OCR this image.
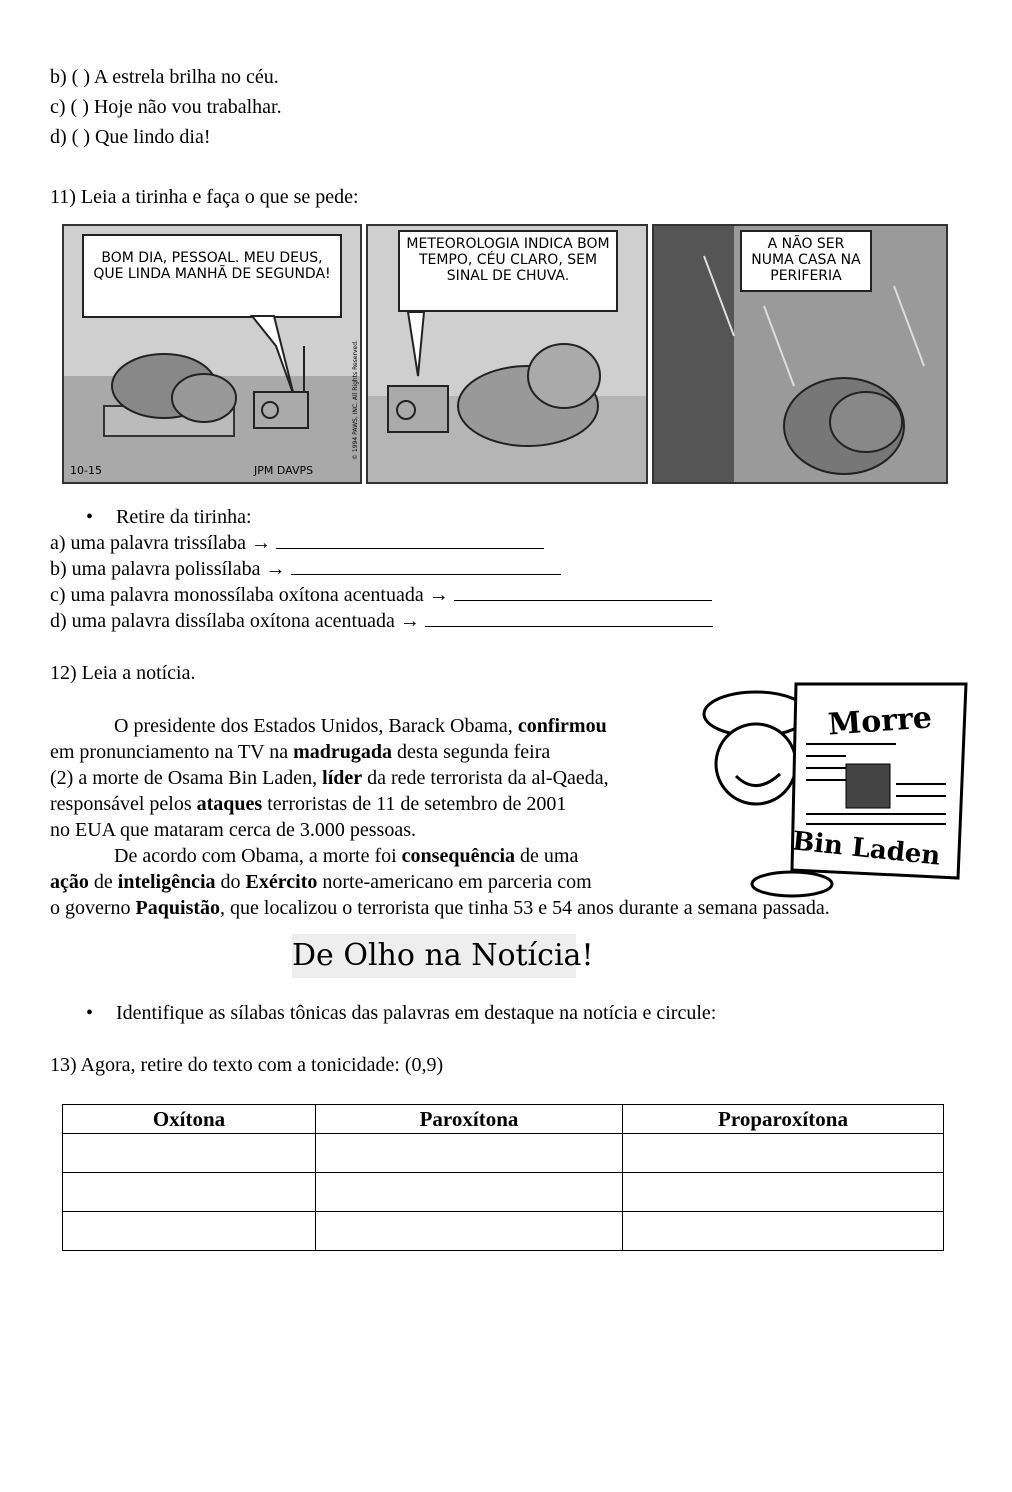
b) ( ) A estrela brilha no céu.
c) ( ) Hoje não vou trabalhar.
d) ( ) Que lindo dia!
11) Leia a tirinha e faça o que se pede:
BOM DIA, PESSOAL. MEU DEUS, QUE LINDA MANHÃ DE SEGUNDA!
10-15	JPM DAVPS
© 1994 PAWS, INC. All Rights Reserved.
METEOROLOGIA INDICA BOM TEMPO, CÉU CLARO, SEM SINAL DE CHUVA.
A NÃO SER NUMA CASA NA PERIFERIA
• Retire da tirinha:
a) uma palavra trissílaba →
b) uma palavra polissílaba →
c) uma palavra monossílaba oxítona acentuada →
d) uma palavra dissílaba oxítona acentuada →
12) Leia a notícia.
Morre
Bin Laden
O presidente dos Estados Unidos, Barack Obama, confirmou
em pronunciamento na TV na madrugada desta segunda feira
(2) a morte de Osama Bin Laden, líder da rede terrorista da al-Qaeda,
responsável pelos ataques terroristas de 11 de setembro de 2001
no EUA que mataram cerca de 3.000 pessoas.
De acordo com Obama, a morte foi consequência de uma
ação de inteligência do Exército norte-americano em parceria com
o governo Paquistão, que localizou o terrorista que tinha 53 e 54 anos durante a semana passada.
De Olho na Notícia!
• Identifique as sílabas tônicas das palavras em destaque na notícia e circule:
13) Agora, retire do texto com a tonicidade: (0,9)
Oxítona	Paroxítona	Proparoxítona
